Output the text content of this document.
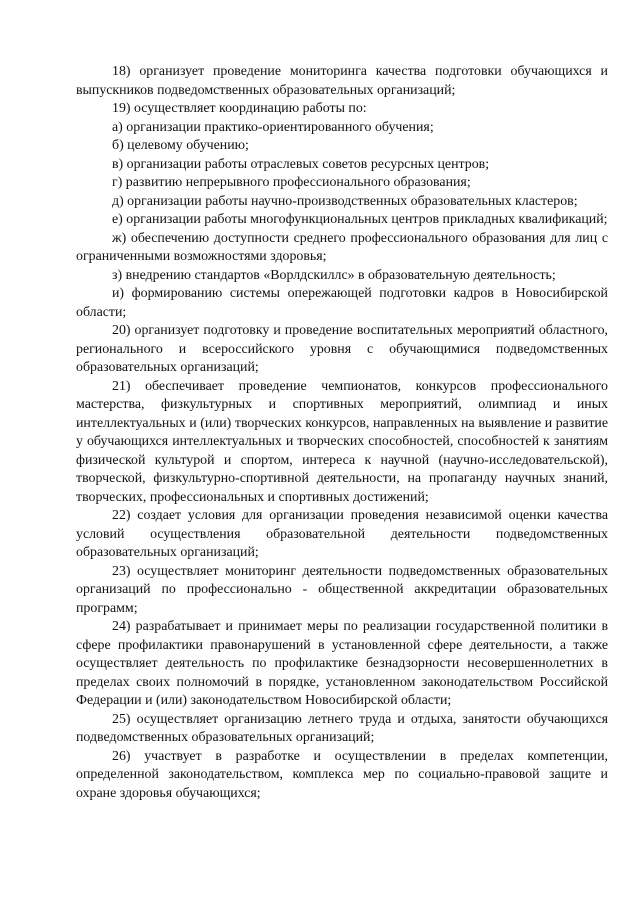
18) организует проведение мониторинга качества подготовки обучающихся и выпускников подведомственных образовательных организаций;

19) осуществляет координацию работы по:

а) организации практико-ориентированного обучения;

б) целевому обучению;

в) организации работы отраслевых советов ресурсных центров;

г) развитию непрерывного профессионального образования;

д) организации работы научно-производственных образовательных кластеров;

е) организации работы многофункциональных центров прикладных квалификаций;

ж) обеспечению доступности среднего профессионального образования для лиц с ограниченными возможностями здоровья;

з) внедрению стандартов «Ворлдскиллс» в образовательную деятельность;

и) формированию системы опережающей подготовки кадров в Новосибирской области;

20) организует подготовку и проведение воспитательных мероприятий областного, регионального и всероссийского уровня с обучающимися подведомственных образовательных организаций;

21) обеспечивает проведение чемпионатов, конкурсов профессионального мастерства, физкультурных и спортивных мероприятий, олимпиад и иных интеллектуальных и (или) творческих конкурсов, направленных на выявление и развитие у обучающихся интеллектуальных и творческих способностей, способностей к занятиям физической культурой и спортом, интереса к научной (научно-исследовательской), творческой, физкультурно-спортивной деятельности, на пропаганду научных знаний, творческих, профессиональных и спортивных достижений;

22) создает условия для организации проведения независимой оценки качества условий осуществления образовательной деятельности подведомственных образовательных организаций;

23) осуществляет мониторинг деятельности подведомственных образовательных организаций по профессионально - общественной аккредитации образовательных программ;

24) разрабатывает и принимает меры по реализации государственной политики в сфере профилактики правонарушений в установленной сфере деятельности, а также осуществляет деятельность по профилактике безнадзорности несовершеннолетних в пределах своих полномочий в порядке, установленном законодательством Российской Федерации и (или) законодательством Новосибирской области;

25) осуществляет организацию летнего труда и отдыха, занятости обучающихся подведомственных образовательных организаций;

26) участвует в разработке и осуществлении в пределах компетенции, определенной законодательством, комплекса мер по социально-правовой защите и охране здоровья обучающихся;
